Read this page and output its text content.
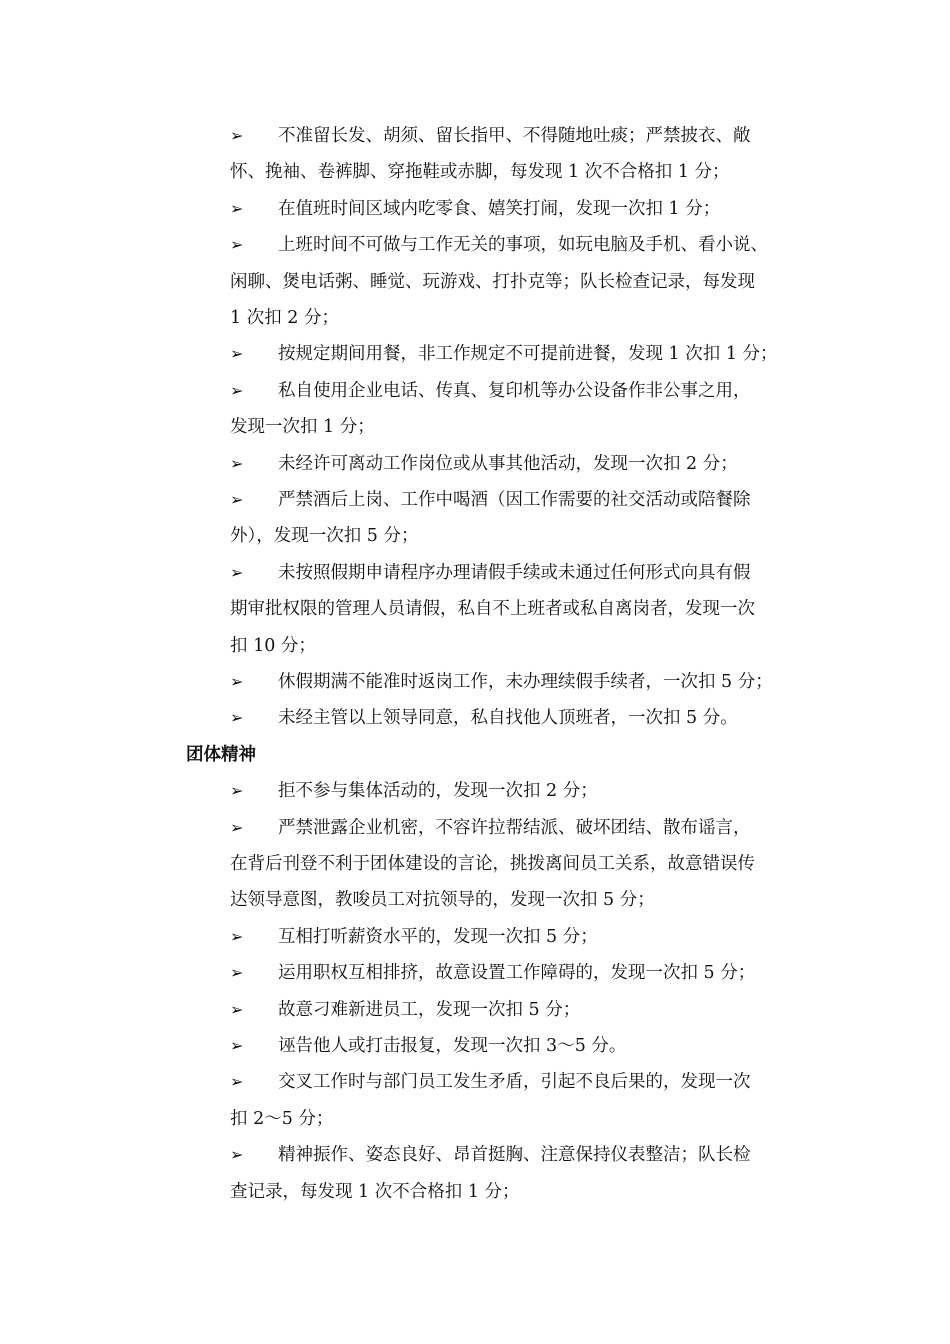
➢ 不准留长发、胡须、留长指甲、不得随地吐痰；严禁披衣、敞
怀、挽袖、卷裤脚、穿拖鞋或赤脚，每发现 1 次不合格扣 1 分；
➢ 在值班时间区域内吃零食、嬉笑打闹，发现一次扣 1 分；
➢ 上班时间不可做与工作无关的事项，如玩电脑及手机、看小说、
闲聊、煲电话粥、睡觉、玩游戏、打扑克等；队长检查记录，每发现
1 次扣 2 分；
➢ 按规定期间用餐，非工作规定不可提前进餐，发现 1 次扣 1 分；
➢ 私自使用企业电话、传真、复印机等办公设备作非公事之用，
发现一次扣 1 分；
➢ 未经许可离动工作岗位或从事其他活动，发现一次扣 2 分；
➢ 严禁酒后上岗、工作中喝酒（因工作需要的社交活动或陪餐除
外），发现一次扣 5 分；
➢ 未按照假期申请程序办理请假手续或未通过任何形式向具有假
期审批权限的管理人员请假，私自不上班者或私自离岗者，发现一次
扣 10 分；
➢ 休假期满不能准时返岗工作，未办理续假手续者，一次扣 5 分；
➢ 未经主管以上领导同意，私自找他人顶班者，一次扣 5 分。
团体精神
➢ 拒不参与集体活动的，发现一次扣 2 分；
➢ 严禁泄露企业机密，不容许拉帮结派、破坏团结、散布谣言，
在背后刊登不利于团体建设的言论，挑拨离间员工关系，故意错误传
达领导意图，教唆员工对抗领导的，发现一次扣 5 分；
➢ 互相打听薪资水平的，发现一次扣 5 分；
➢ 运用职权互相排挤，故意设置工作障碍的，发现一次扣 5 分；
➢ 故意刁难新进员工，发现一次扣 5 分；
➢ 诬告他人或打击报复，发现一次扣 3～5 分。
➢ 交叉工作时与部门员工发生矛盾，引起不良后果的，发现一次
扣 2～5 分；
➢ 精神振作、姿态良好、昂首挺胸、注意保持仪表整洁；队长检
查记录，每发现 1 次不合格扣 1 分；
